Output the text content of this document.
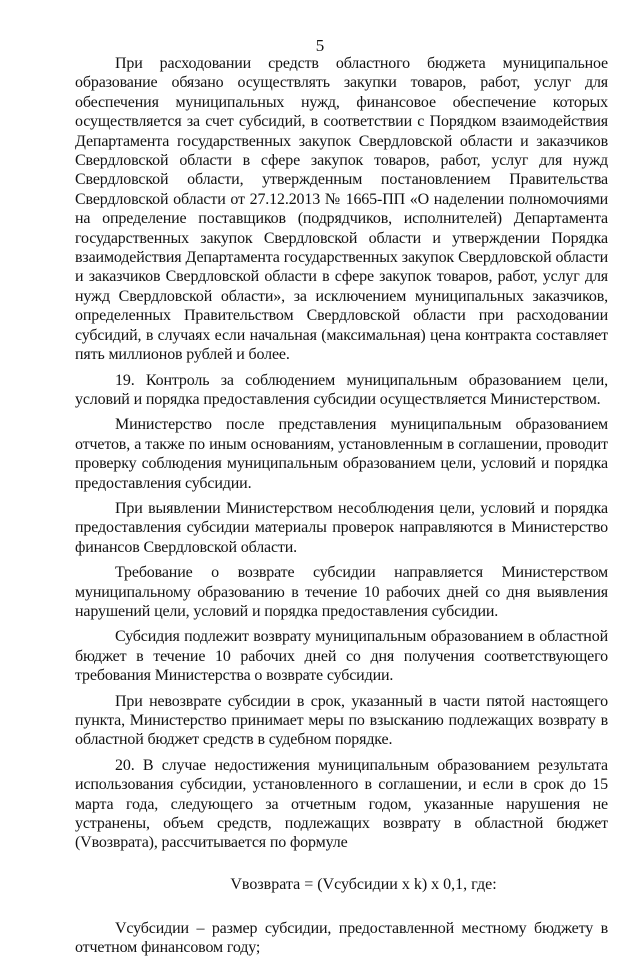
5

При расходовании средств областного бюджета муниципальное образование обязано осуществлять закупки товаров, работ, услуг для обеспечения муниципальных нужд, финансовое обеспечение которых осуществляется за счет субсидий, в соответствии с Порядком взаимодействия Департамента государственных закупок Свердловской области и заказчиков Свердловской области в сфере закупок товаров, работ, услуг для нужд Свердловской области, утвержденным постановлением Правительства Свердловской области от 27.12.2013 № 1665-ПП «О наделении полномочиями на определение поставщиков (подрядчиков, исполнителей) Департамента государственных закупок Свердловской области и утверждении Порядка взаимодействия Департамента государственных закупок Свердловской области и заказчиков Свердловской области в сфере закупок товаров, работ, услуг для нужд Свердловской области», за исключением муниципальных заказчиков, определенных Правительством Свердловской области при расходовании субсидий, в случаях если начальная (максимальная) цена контракта составляет пять миллионов рублей и более.

19. Контроль за соблюдением муниципальным образованием цели, условий и порядка предоставления субсидии осуществляется Министерством.

Министерство после представления муниципальным образованием отчетов, а также по иным основаниям, установленным в соглашении, проводит проверку соблюдения муниципальным образованием цели, условий и порядка предоставления субсидии.

При выявлении Министерством несоблюдения цели, условий и порядка предоставления субсидии материалы проверок направляются в Министерство финансов Свердловской области.

Требование о возврате субсидии направляется Министерством муниципальному образованию в течение 10 рабочих дней со дня выявления нарушений цели, условий и порядка предоставления субсидии.

Субсидия подлежит возврату муниципальным образованием в областной бюджет в течение 10 рабочих дней со дня получения соответствующего требования Министерства о возврате субсидии.

При невозврате субсидии в срок, указанный в части пятой настоящего пункта, Министерство принимает меры по взысканию подлежащих возврату в областной бюджет средств в судебном порядке.

20. В случае недостижения муниципальным образованием результата использования субсидии, установленного в соглашении, и если в срок до 15 марта года, следующего за отчетным годом, указанные нарушения не устранены, объем средств, подлежащих возврату в областной бюджет (Vвозврата), рассчитывается по формуле

Vвозврата = (Vсубсидии x k) x 0,1, где:

Vсубсидии – размер субсидии, предоставленной местному бюджету в отчетном финансовом году;
